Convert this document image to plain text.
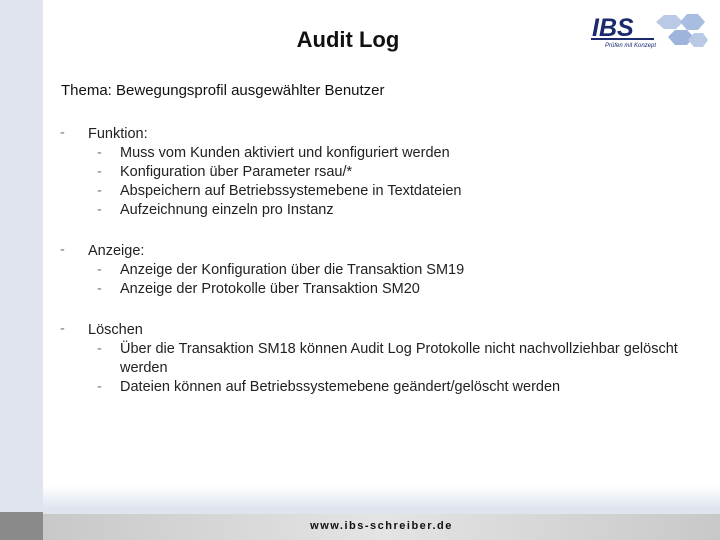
www.ibs-schreiber.de
Audit Log	IBS
Prüfen mit Konzept
Thema: Bewegungsprofil ausgewählter Benutzer
- Funktion:
- Muss vom Kunden aktiviert und konfiguriert werden
- Konfiguration über Parameter rsau/*
- Abspeichern auf Betriebssystemebene in Textdateien
- Aufzeichnung einzeln pro Instanz
- Anzeige:
- Anzeige der Konfiguration über die Transaktion SM19
- Anzeige der Protokolle über Transaktion SM20
- Löschen
- Über die Transaktion SM18 können Audit Log Protokolle nicht nachvollziehbar gelöscht werden
- Dateien können auf Betriebssystemebene geändert/gelöscht werden
